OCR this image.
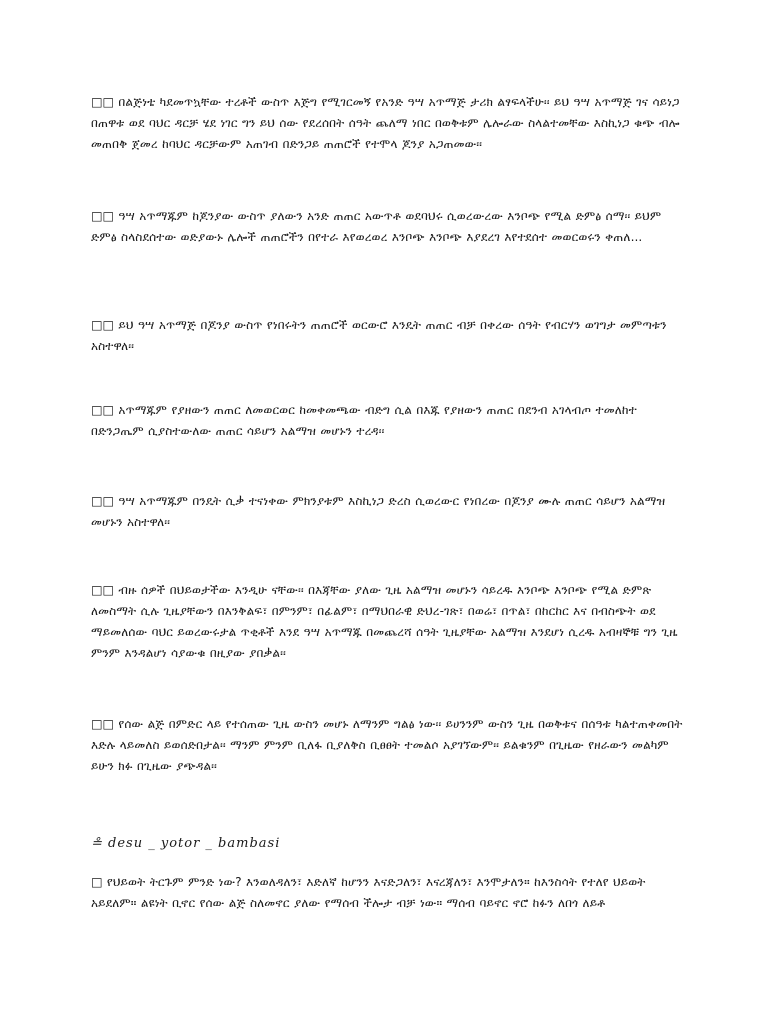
□□ በልጅነቴ ካደመጥኳቸው ተረቶች ውስጥ እጅግ የሚገርመኝ የአንድ ዓሣ አጥማጅ ታሪክ ልፃፍላችሁ፡፡ ይህ ዓሣ አጥማጅ ገና ሳይነጋ በጠዋቱ ወደ ባህር ዳርቻ ሄደ ነገር ግን ይህ ሰው የደረሰበት ሰዓት ጨለማ ነበር በወቅቱም ሌሎራው ስላልተመቸው እስኪነጋ ቁጭ ብሎ መጠበቅ ጀመረ ከባህር ዳርቻውም አጠገብ በድንጋይ ጠጠሮች የተሞላ ጆንያ አጋጠመው፡፡

□□ ዓሣ አጥማጁም ከጆንያው ውስጥ ያለውን አንድ ጠጠር አውጥቶ ወደባህሩ ሲወረውረው እንቦጭ የሚል ድምፅ ሰማ፡፡ ይህም ድምፅ ስላስደሰተው ወድያውኑ ሌሎች ጠጠሮችን በየተራ እየወረወረ እንቦጭ እንቦጭ እያደረገ እየተደሰተ መወርወሩን ቀጠለ...

□□ ይህ ዓሣ አጥማጅ በጆንያ ውስጥ የነበሩትን ጠጠሮች ወርውሮ እንዴት ጠጠር ብቻ በቀረው ሰዓት የብርሃን ወገግታ መምጣቱን አስተዋለ፡፡

□□ አጥማጁም የያዘውን ጠጠር ለመወርወር ከመቀመጫው ብድግ ሲል በእጁ የያዘውን ጠጠር በደንብ አገላብጦ ተመለከተ በድንጋጤም ሲያስተውለው ጠጠር ሳይሆን አልማዝ መሆኑን ተረዳ፡፡

□□ ዓሣ አጥማጁም በንዴት ሲቃ ተናነቀው ምክንያቱም እስኪነጋ ድረስ ሲወረውር የነበረው በጆንያ ሙሉ ጠጠር ሳይሆን አልማዝ መሆኑን አስተዋለ፡፡

□□ ብዙ ሰዎች በህይወታችው እንዲሁ ናቸው፡፡ በእጃቸው ያለው ጊዜ አልማዝ መሆኑን ሳይረዱ እንቦጭ እንቦጭ የሚል ድምጽ ለመስማት ሲሉ ጊዜያቸውን በእንቅልፍ፣ በምንም፣ በፊልም፣ በማህበራዊ ድህረ-ገጽ፣ በወሬ፣ በጥል፣ በከርከር እና በብስጭት ወደ ማይመለሰው ባህር ይወረውሩታል ጥቂቶች እንደ ዓሣ አጥማጁ በመጨረሻ ሰዓት ጊዜያቸው አልማዝ እንደሆነ ሲረዱ አብዛኞቹ ግን ጊዜ ምንም እንዳልሆነ ሳያውቁ በዚያው ያበቃል፡፡

□□ የሰው ልጅ በምድር ላይ የተሰጠው ጊዜ ውስን መሆኑ ለማንም ግልፅ ነው፡፡ ይሀንንም ውስን ጊዜ በወቅቱና በሰዓቱ ካልተጠቀመበት እድሉ ላይመለስ ይወሰድበታል፡፡ ማንም ምንም ቢለፋ ቢያለቅስ ቢፀፀት ተመልሶ አያገኘውም፡፡ ይልቁንም በጊዜው የዘራውን መልካም ይሁን ክፉ በጊዜው ያጭዳል፡፡

≗ desu _ yotor _ bambasi

□ የህይወት ትርጉም ምንድ ነው? እንወለዳለን፣ እድለኛ ከሆንን እናድጋለን፣ እናረጃለን፣ እንሞታለን። ከእንስሳት የተለየ ህይወት አይደለም። ልዩነት ቢኖር የሰው ልጅ ስለመኖር ያለው የማሰብ ችሎታ ብቻ ነው። ማሰብ ባይኖር ኖሮ ከፉን ለበጎ ለይቶ
